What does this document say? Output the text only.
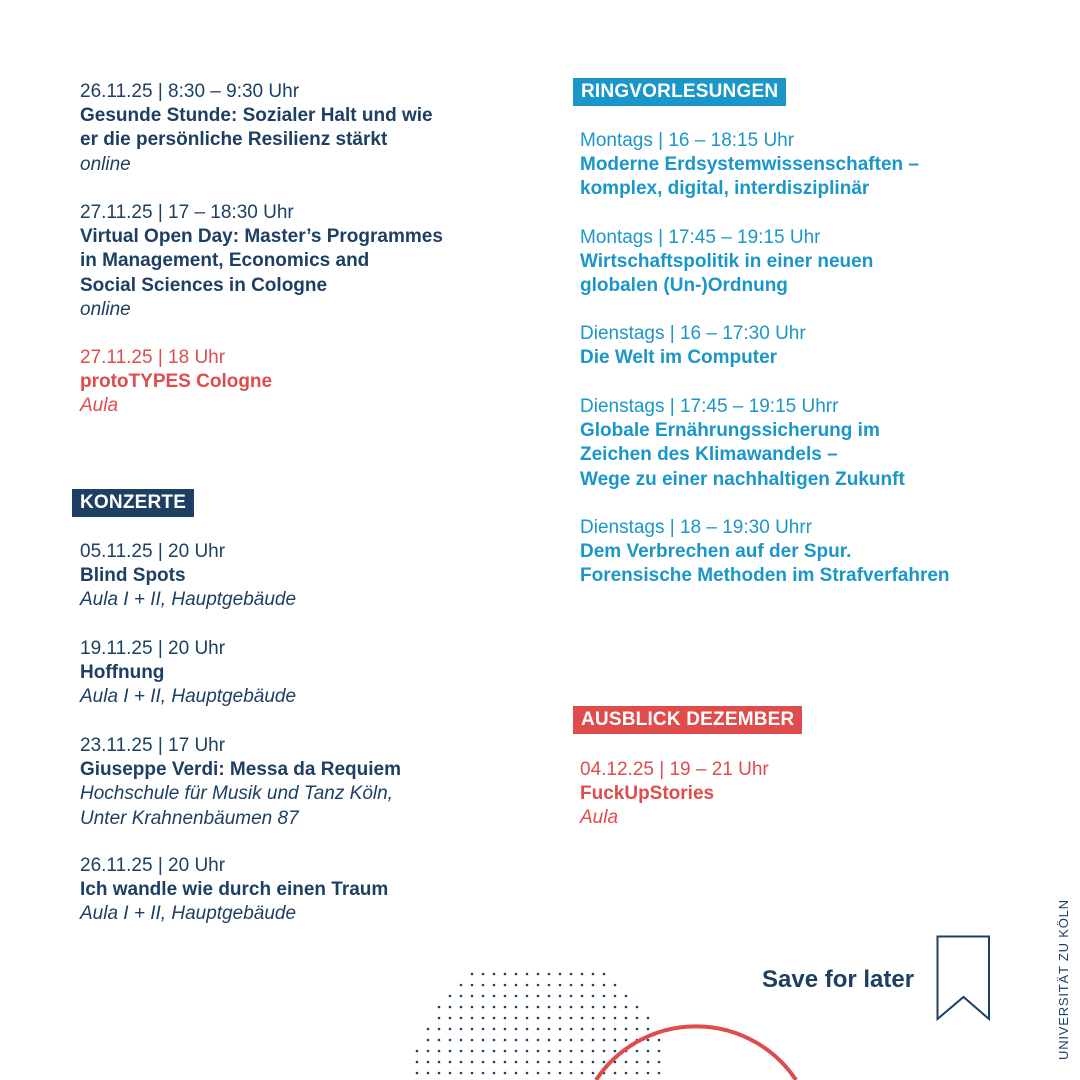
26.11.25 | 8:30 – 9:30 Uhr
Gesunde Stunde: Sozialer Halt und wie
er die persönliche Resilienz stärkt
online
27.11.25 | 17 – 18:30 Uhr
Virtual Open Day: Master’s Programmes
in Management, Economics and
Social Sciences in Cologne
online
27.11.25 | 18 Uhr
protoTYPES Cologne
Aula
KONZERTE
05.11.25 | 20 Uhr
Blind Spots
Aula I + II, Hauptgebäude
19.11.25 | 20 Uhr
Hoffnung
Aula I + II, Hauptgebäude
23.11.25 | 17 Uhr
Giuseppe Verdi: Messa da Requiem
Hochschule für Musik und Tanz Köln,
Unter Krahnenbäumen 87
26.11.25 | 20 Uhr
Ich wandle wie durch einen Traum
Aula I + II, Hauptgebäude
RINGVORLESUNGEN
Montags | 16 – 18:15 Uhr
Moderne Erdsystemwissenschaften –
komplex, digital, interdisziplinär
Montags | 17:45 – 19:15 Uhr
Wirtschaftspolitik in einer neuen
globalen (Un-)Ordnung
Dienstags | 16 – 17:30 Uhr
Die Welt im Computer
Dienstags | 17:45 – 19:15 Uhrr
Globale Ernährungssicherung im
Zeichen des Klimawandels –
Wege zu einer nachhaltigen Zukunft
Dienstags | 18 – 19:30 Uhrr
Dem Verbrechen auf der Spur.
Forensische Methoden im Strafverfahren
AUSBLICK DEZEMBER
04.12.25 | 19 – 21 Uhr
FuckUpStories
Aula
Save for later	UNIVERSITÄT ZU KÖLN
